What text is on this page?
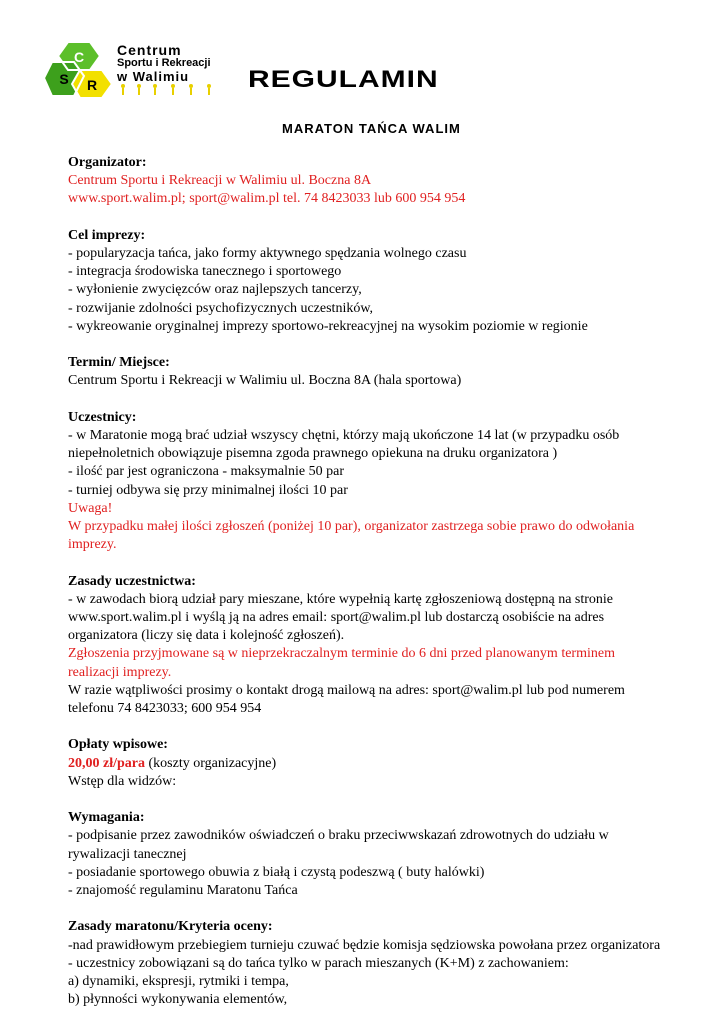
C
S R
Centrum
Sportu i Rekreacji
w Walimiu	REGULAMIN
MARATON TAŃCA WALIM

Organizator:

Centrum Sportu i Rekreacji w Walimiu ul. Boczna 8A

www.sport.walim.pl; sport@walim.pl tel. 74 8423033 lub 600 954 954

Cel imprezy:

- popularyzacja tańca, jako formy aktywnego spędzania wolnego czasu

- integracja środowiska tanecznego i sportowego

- wyłonienie zwycięzców oraz najlepszych tancerzy,

- rozwijanie zdolności psychofizycznych uczestników,

- wykreowanie oryginalnej imprezy sportowo-rekreacyjnej na wysokim poziomie w regionie

Termin/ Miejsce:

Centrum Sportu i Rekreacji w Walimiu ul. Boczna 8A (hala sportowa)

Uczestnicy:

- w Maratonie mogą brać udział wszyscy chętni, którzy mają ukończone 14 lat (w przypadku osób niepełnoletnich obowiązuje pisemna zgoda prawnego opiekuna na druku organizatora )

- ilość par jest ograniczona - maksymalnie 50 par

- turniej odbywa się przy minimalnej ilości 10 par

Uwaga!

W przypadku małej ilości zgłoszeń (poniżej 10 par), organizator zastrzega sobie prawo do odwołania imprezy.

Zasady uczestnictwa:

- w zawodach biorą udział pary mieszane, które wypełnią kartę zgłoszeniową dostępną na stronie www.sport.walim.pl i wyślą ją na adres email: sport@walim.pl lub dostarczą osobiście na adres organizatora (liczy się data i kolejność zgłoszeń).

Zgłoszenia przyjmowane są w nieprzekraczalnym terminie do 6 dni przed planowanym terminem realizacji imprezy.

W razie wątpliwości prosimy o kontakt drogą mailową na adres: sport@walim.pl lub pod numerem telefonu 74 8423033; 600 954 954

Opłaty wpisowe:

20,00 zł/para (koszty organizacyjne)

Wstęp dla widzów:

Wymagania:

- podpisanie przez zawodników oświadczeń o braku przeciwwskazań zdrowotnych do udziału w rywalizacji tanecznej

- posiadanie sportowego obuwia z białą i czystą podeszwą ( buty halówki)

- znajomość regulaminu Maratonu Tańca

Zasady maratonu/Kryteria oceny:

-nad prawidłowym przebiegiem turnieju czuwać będzie komisja sędziowska powołana przez organizatora

- uczestnicy zobowiązani są do tańca tylko w parach mieszanych (K+M) z zachowaniem:

a) dynamiki, ekspresji, rytmiki i tempa,

b) płynności wykonywania elementów,
